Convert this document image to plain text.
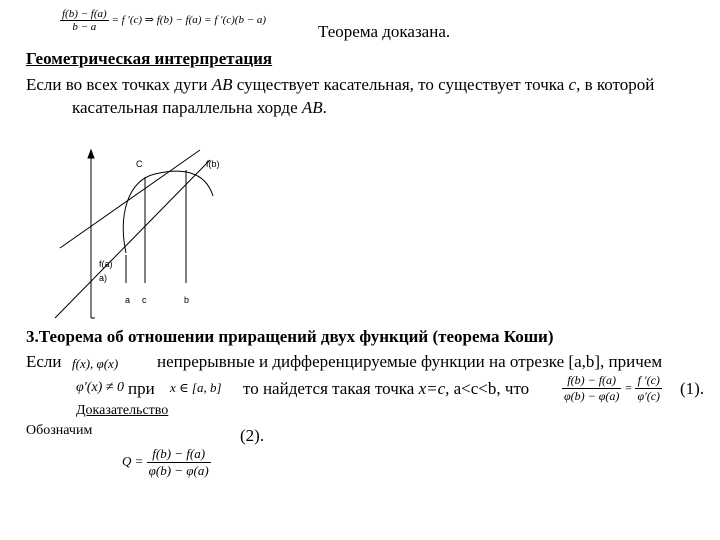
$\frac{f(b) - f(a)}{b - a} = f$ ′(c) ⇒ f(b) − f(a) = f ′(c)(b − a)
Теорема доказана.
Геометрическая интерпретация
Если во всех точках дуги АВ существует касательная, то существует точка c, в которой
касательная параллельна хорде АВ.
C	f(b)
f(a)
a)
a c	b
3.Теорема об отношении приращений двух функций (теорема Коши)
Если f(x), φ(x) непрерывные и дифференцируемые функции на отрезке [a,b], причем
φ′(x) ≠ 0 при x ∈ [a, b] то найдется такая точка x=c, a<c<b, что	$\frac{f(b) - f(a)}{\varphi(b) - \varphi(a)} = \frac{f '(c)}{\varphi'(c)} (1)$.
Доказательство
Обозначим	(2).
$Q = \frac{f(b) - f(a)}{\varphi(b) - \varphi(a)}$
